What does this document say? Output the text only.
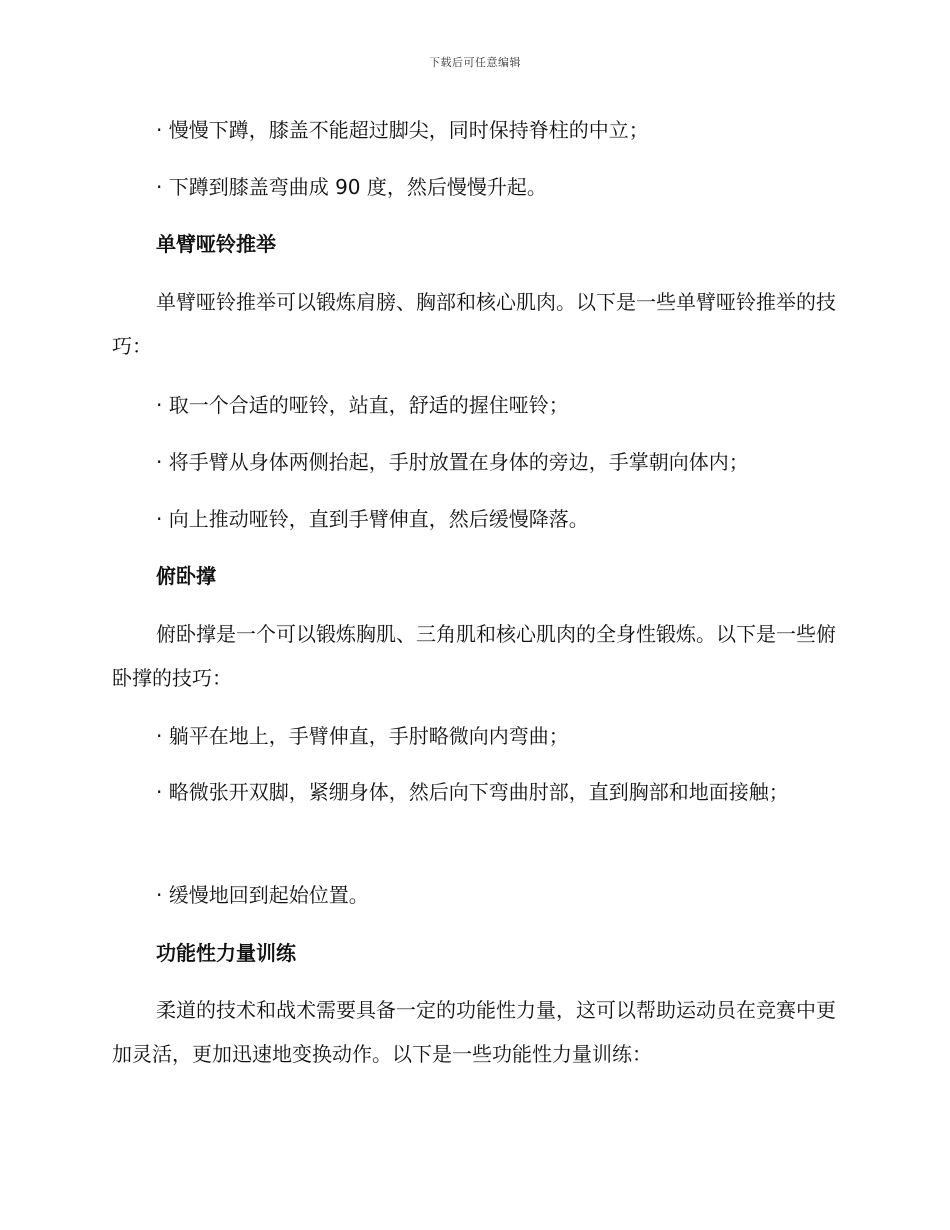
下载后可任意编辑
· 慢慢下蹲，膝盖不能超过脚尖，同时保持脊柱的中立；
· 下蹲到膝盖弯曲成 90 度，然后慢慢升起。
单臂哑铃推举
单臂哑铃推举可以锻炼肩膀、胸部和核心肌肉。以下是一些单臂哑铃推举的技巧：
· 取一个合适的哑铃，站直，舒适的握住哑铃；
· 将手臂从身体两侧抬起，手肘放置在身体的旁边，手掌朝向体内；
· 向上推动哑铃，直到手臂伸直，然后缓慢降落。
俯卧撑
俯卧撑是一个可以锻炼胸肌、三角肌和核心肌肉的全身性锻炼。以下是一些俯卧撑的技巧：
· 躺平在地上，手臂伸直，手肘略微向内弯曲；
· 略微张开双脚，紧绷身体，然后向下弯曲肘部，直到胸部和地面接触；
· 缓慢地回到起始位置。
功能性力量训练
柔道的技术和战术需要具备一定的功能性力量，这可以帮助运动员在竞赛中更加灵活，更加迅速地变换动作。以下是一些功能性力量训练：
